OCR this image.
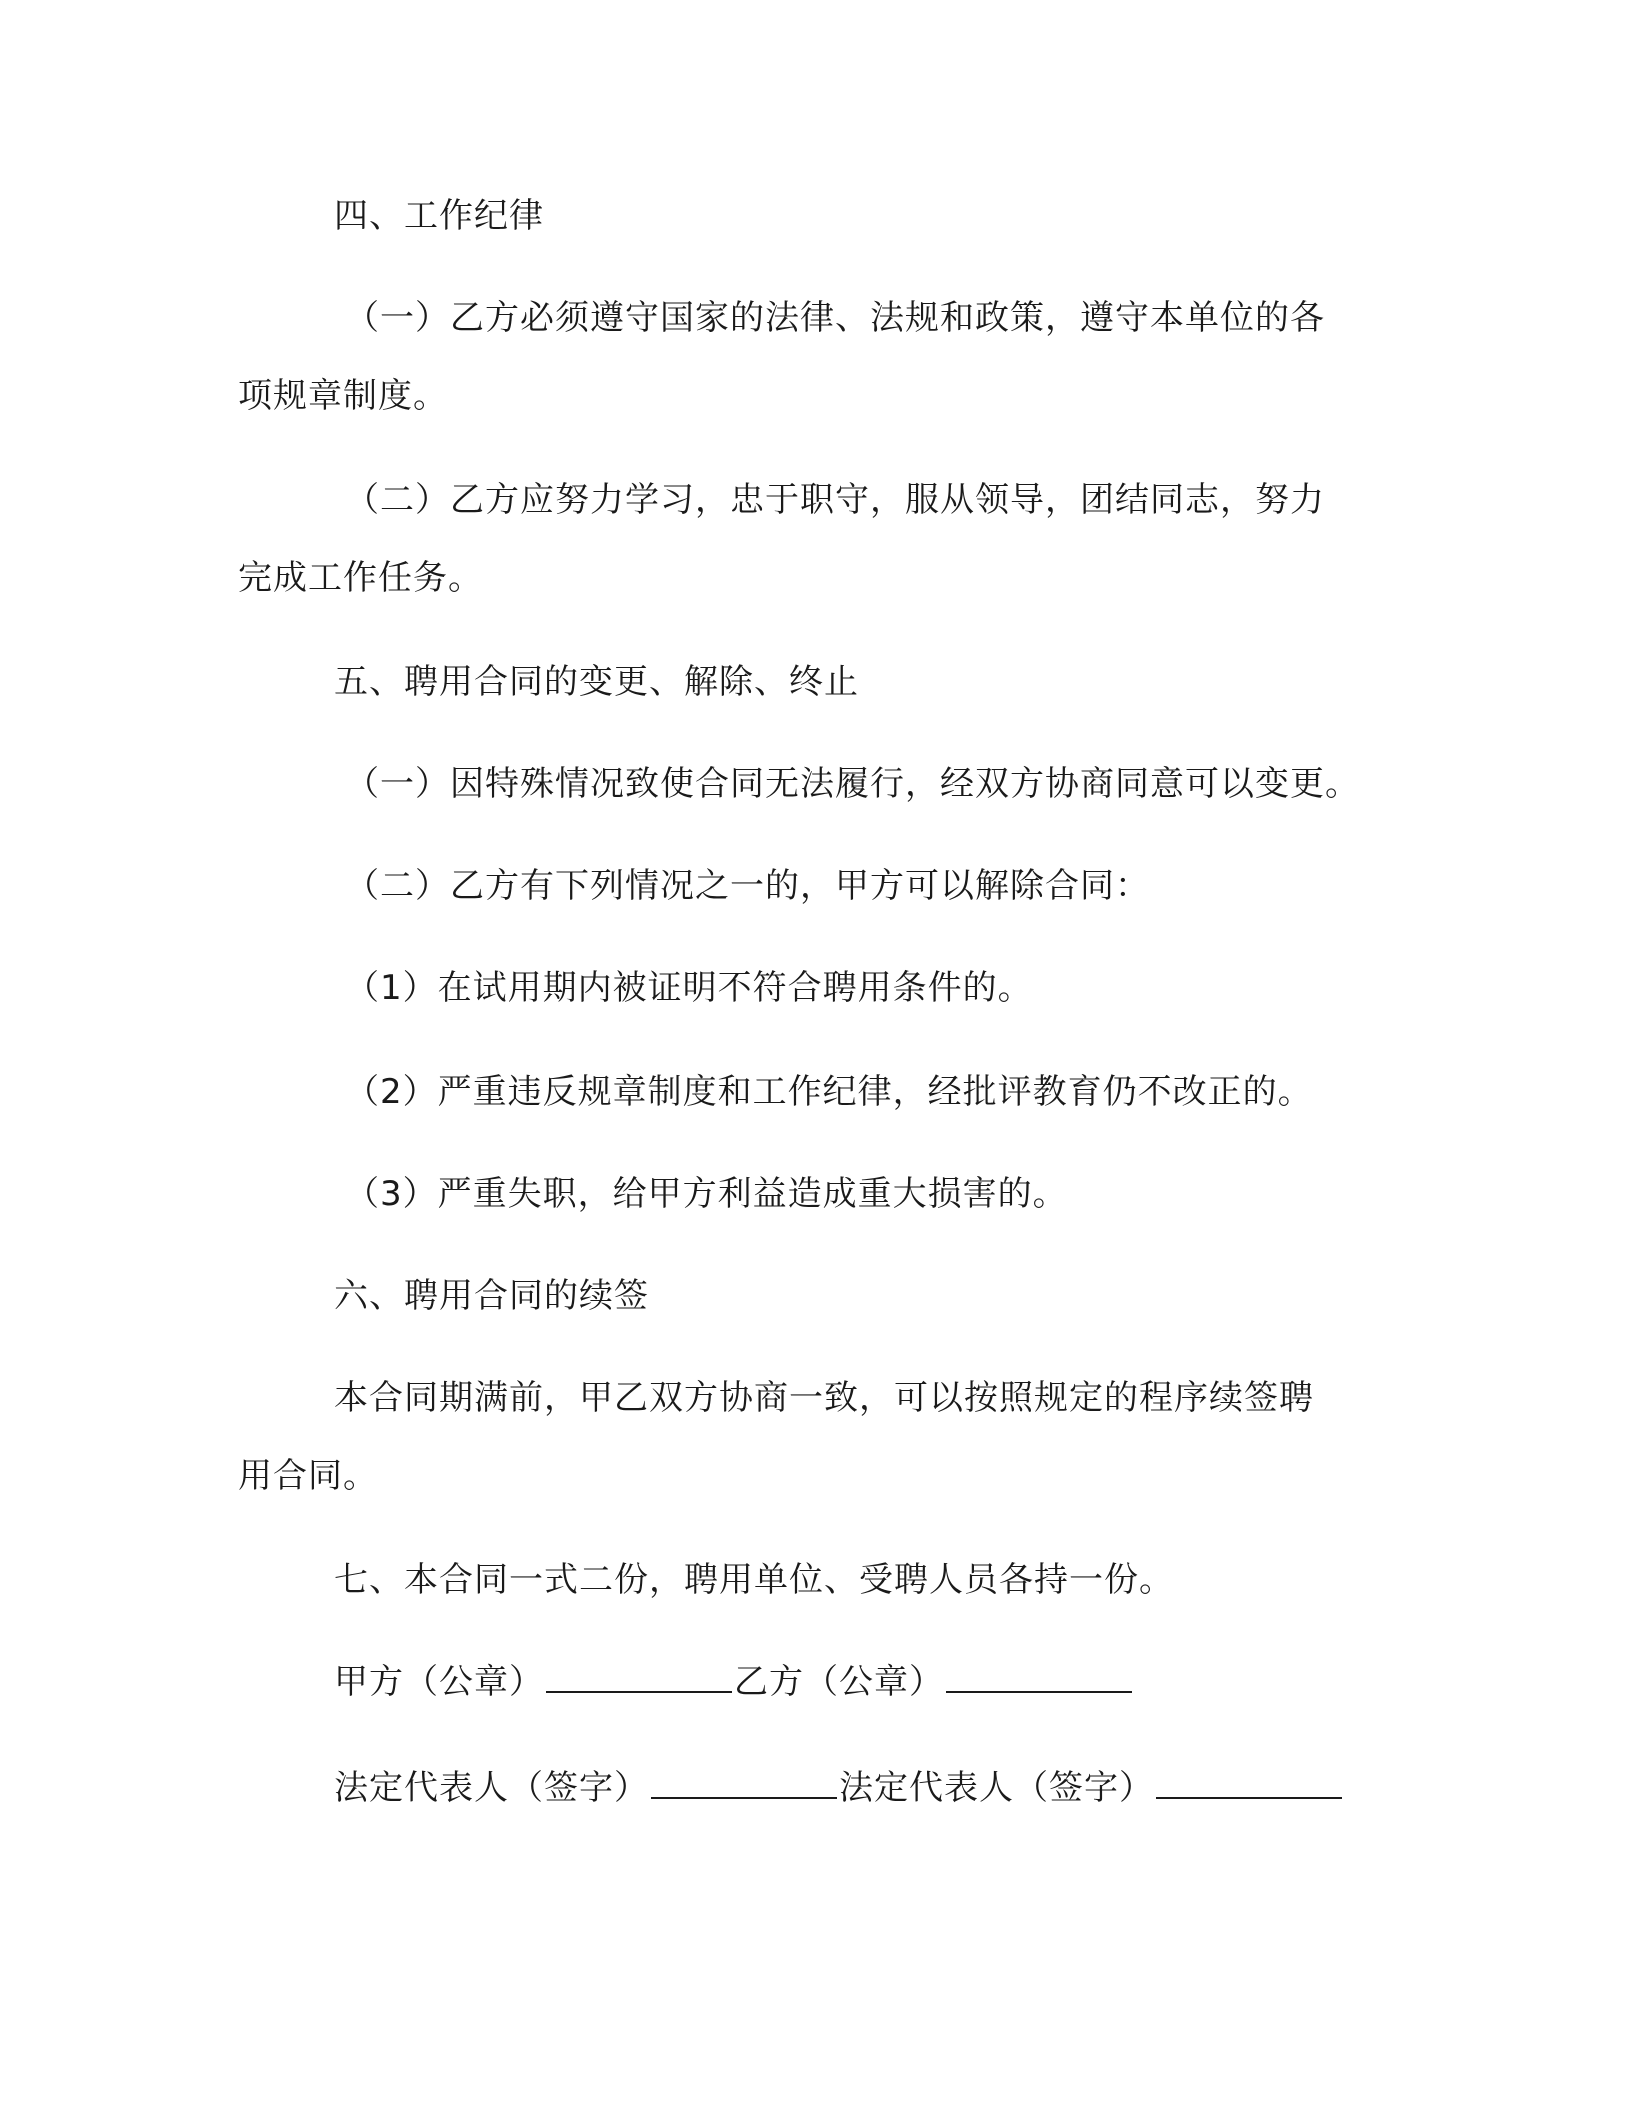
四、工作纪律

（一）乙方必须遵守国家的法律、法规和政策，遵守本单位的各

项规章制度。

（二）乙方应努力学习，忠于职守，服从领导，团结同志，努力

完成工作任务。

五、聘用合同的变更、解除、终止

（一）因特殊情况致使合同无法履行，经双方协商同意可以变更。

（二）乙方有下列情况之一的，甲方可以解除合同：

（1）在试用期内被证明不符合聘用条件的。

（2）严重违反规章制度和工作纪律，经批评教育仍不改正的。

（3）严重失职，给甲方利益造成重大损害的。

六、聘用合同的续签

本合同期满前，甲乙双方协商一致，可以按照规定的程序续签聘

用合同。

七、本合同一式二份，聘用单位、受聘人员各持一份。

甲方（公章）	乙方（公章）

法定代表人（签字）	法定代表人（签字）
